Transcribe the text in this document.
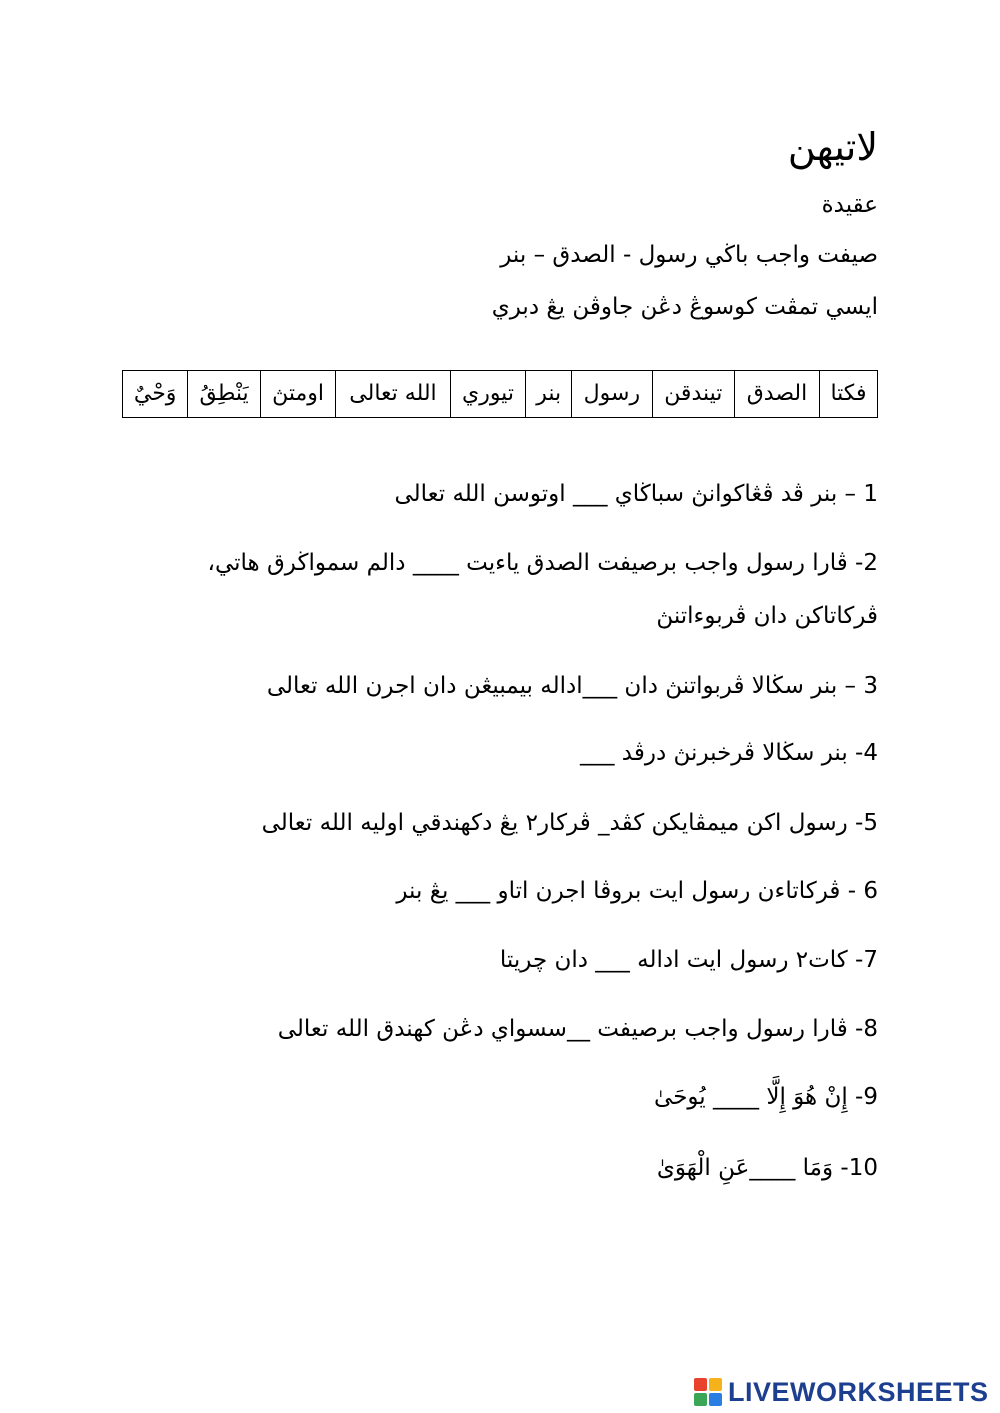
لاتيهن
عقيدة
صيفت واجب باڬي رسول - الصدق – بنر
ايسي تمڤت كوسوڠ دڠن جاوڤن يڠ دبري
فكتا	الصدق	تيندقن	رسول	بنر	تيوري	الله تعالى	اومتڽ	يَنْطِقُ	وَحْيٌ
1 – بنر ڤد ڤڠاكوانڽ سباڬاي ___ اوتوسن الله تعالى
2- ڤارا رسول واجب برصيفت الصدق ياءيت ____ دالم سمواڬرق هاتي،
ڤركاتاكن دان ڤربوءاتنڽ
3 – بنر سڬالا ڤربواتنڽ دان ___اداله بيمبيڠن دان اجرن الله تعالى
4- بنر سڬالا ڤرخبرنڽ درڤد ___
5- رسول اكن ميمڤايكن كڤد_ ڤركار٢ يڠ دكهندقي اوليه الله تعالى
6 - ڤركاتاءن رسول ايت بروڤا اجرن اتاو ___ يڠ بنر
7- كات٢ رسول ايت اداله ___ دان چريتا
8- ڤارا رسول واجب برصيفت __سسواي دڠن كهندق الله تعالى
9- إِنْ هُوَ إِلَّا ____ يُوحَىٰ
10- وَمَا ____عَنِ الْهَوَىٰ
LIVEWORKSHEETS
